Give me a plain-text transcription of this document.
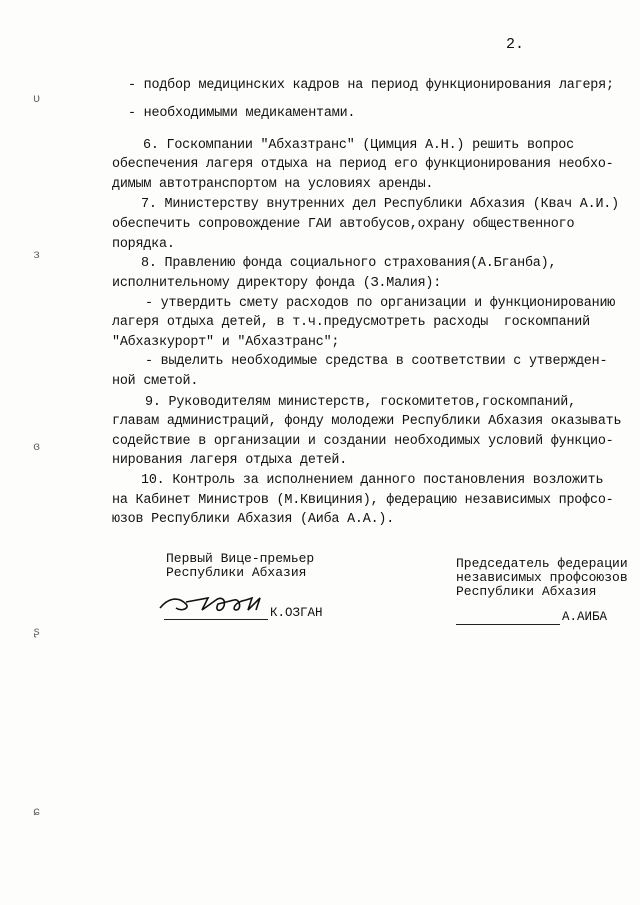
2.
- подбор медицинских кадров на период функционирования лагеря;
- необходимыми медикаментами.
6. Госкомпании "Абхазтранс" (Цимция А.Н.) решить вопрос
обеспечения лагеря отдыха на период его функционирования необхо-
димым автотранспортом на условиях аренды.
7. Министерству внутренних дел Республики Абхазия (Квач А.И.)
обеспечить сопровождение ГАИ автобусов,охрану общественного
порядка.
8. Правлению фонда социального страхования(А.Бганба),
исполнительному директору фонда (З.Малия):
- утвердить смету расходов по организации и функционированию
лагеря отдыха детей, в т.ч.предусмотреть расходы  госкомпаний
"Абхазкурорт" и "Абхазтранс";
- выделить необходимые средства в соответствии с утвержден-
ной сметой.
9. Руководителям министерств, госкомитетов,госкомпаний,
главам администраций, фонду молодежи Республики Абхазия оказывать
содействие в организации и создании необходимых условий функцио-
нирования лагеря отдыха детей.
10. Контроль за исполнением данного постановления возложить
на Кабинет Министров (М.Квициния), федерацию независимых профсо-
юзов Республики Абхазия (Аиба А.А.).
Первый Вице-премьер
Республики Абхазия
К.ОЗГАН
Председатель федерации
независимых профсоюзов
Республики Абхазия
А.АИБА
ʋ
ɜ
ɞ
ʂ
ɕ
